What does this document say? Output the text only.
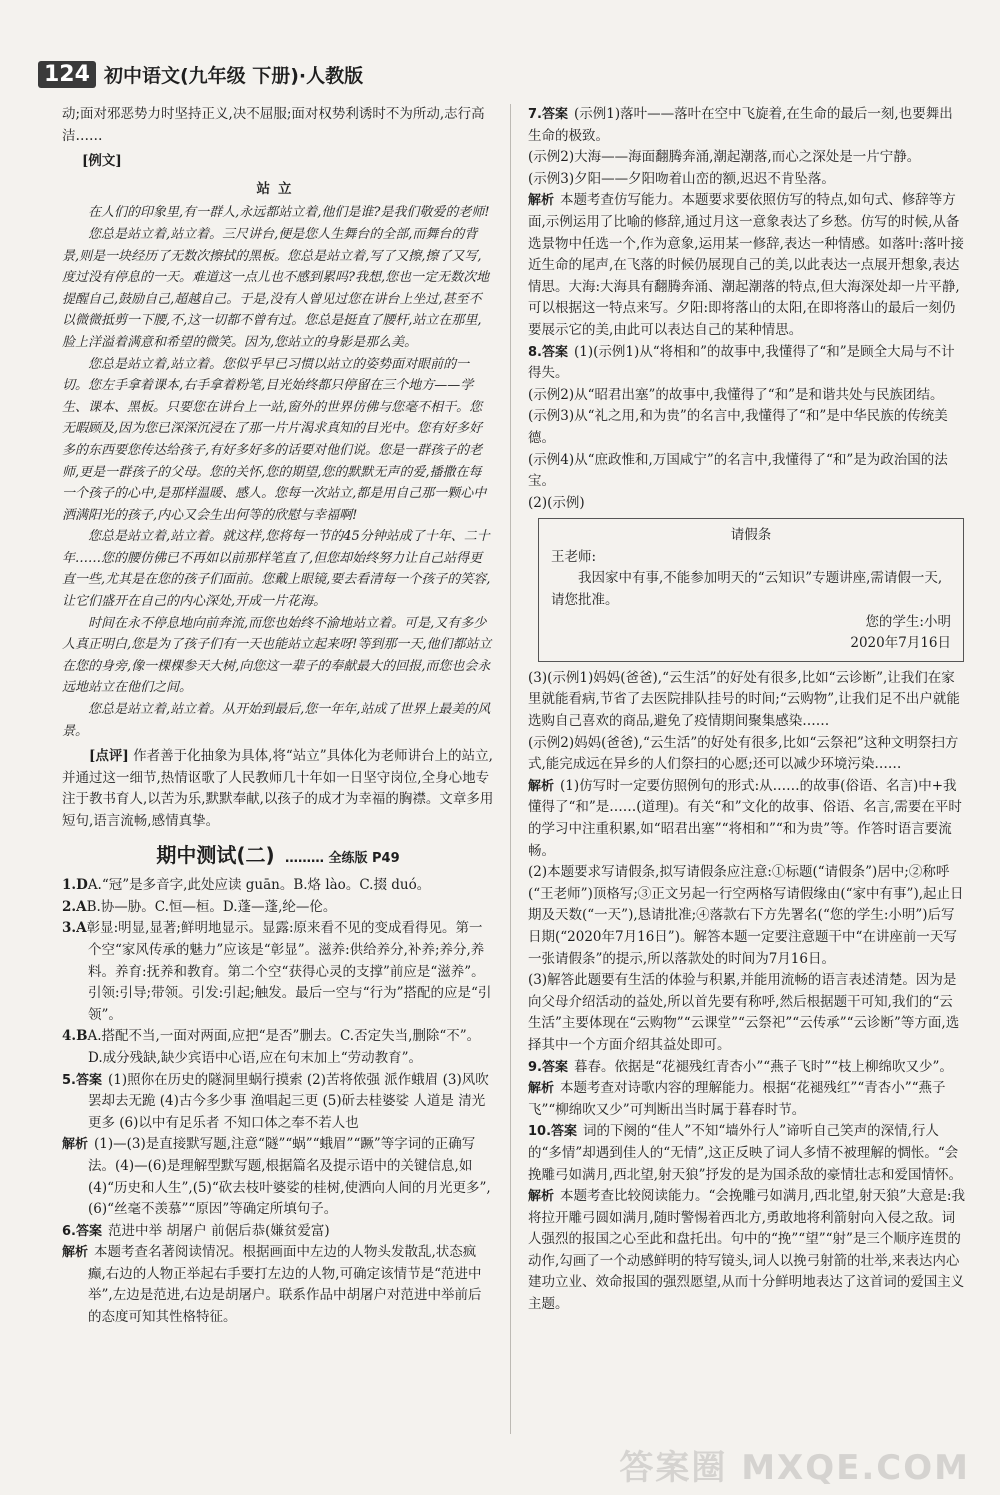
124 初中语文(九年级 下册)·人教版

动;面对邪恶势力时坚持正义,决不屈服;面对权势利诱时不为所动,志行高洁……

[例文]

站立

在人们的印象里,有一群人,永远都站立着,他们是谁?是我们敬爱的老师!

您总是站立着,站立着。三尺讲台,便是您人生舞台的全部,而舞台的背景,则是一块经历了无数次擦拭的黑板。您总是站立着,写了又擦,擦了又写,度过没有停息的一天。难道这一点儿也不感到累吗?我想,您也一定无数次地提醒自己,鼓励自己,超越自己。于是,没有人曾见过您在讲台上坐过,甚至不以微微抵剪一下腰,不,这一切都不曾有过。您总是挺直了腰杆,站立在那里,脸上洋溢着满意和希望的微笑。因为,您站立的身影是那么美。

您总是站立着,站立着。您似乎早已习惯以站立的姿势面对眼前的一切。您左手拿着课本,右手拿着粉笔,目光始终都只停留在三个地方——学生、课本、黑板。只要您在讲台上一站,窗外的世界仿佛与您毫不相干。您无暇顾及,因为您已深深沉浸在了那一片片渴求真知的目光中。您有好多好多的东西要您传达给孩子,有好多好多的话要对他们说。您是一群孩子的老师,更是一群孩子的父母。您的关怀,您的期望,您的默默无声的爱,播撒在每一个孩子的心中,是那样温暖、感人。您每一次站立,都是用自己那一颗心中洒满阳光的孩子,内心又会生出何等的欣慰与幸福啊!

您总是站立着,站立着。就这样,您将每一节的45分钟站成了十年、二十年……您的腰仿佛已不再如以前那样笔直了,但您却始终努力让自己站得更直一些,尤其是在您的孩子们面前。您戴上眼镜,要去看清每一个孩子的笑容,让它们盛开在自己的内心深处,开成一片花海。

时间在永不停息地向前奔流,而您也始终不渝地站立着。可是,又有多少人真正明白,您是为了孩子们有一天也能站立起来呀!等到那一天,他们都站立在您的身旁,像一棵棵参天大树,向您这一辈子的奉献最大的回报,而您也会永远地站立在他们之间。

您总是站立着,站立着。从开始到最后,您一年年,站成了世界上最美的风景。

[点评] 作者善于化抽象为具体,将“站立”具体化为老师讲台上的站立,并通过这一细节,热情讴歌了人民教师几十年如一日坚守岗位,全身心地专注于教书育人,以苦为乐,默默奉献,以孩子的成才为幸福的胸襟。文章多用短句,语言流畅,感情真挚。

期中测试(二) ……… 全练版 P49

1.DA.“冠”是多音字,此处应读 guān。B.烙 lào。C.掇 duó。

2.AB.协—胁。C.恒—桓。D.蓬—蓬,纶—伦。

3.A彰显:明显,显著;鲜明地显示。显露:原来看不见的变成看得见。第一个空“家风传承的魅力”应该是“彰显”。滋养:供给养分,补养;养分,养料。养育:抚养和教育。第二个空“获得心灵的支撑”前应是“滋养”。引领:引导;带领。引发:引起;触发。最后一空与“行为”搭配的应是“引领”。

4.BA.搭配不当,一面对两面,应把“是否”删去。C.否定失当,删除“不”。D.成分残缺,缺少宾语中心语,应在句末加上“劳动教育”。

5.答案 (1)照你在历史的隧洞里蜗行摸索 (2)苦将侬强 派作蛾眉 (3)风吹罢却去无跪 (4)古今多少事 渔唱起三更 (5)斫去桂婆娑 人道是 清光更多 (6)以中有足乐者 不知口体之奉不若人也

解析 (1)—(3)是直接默写题,注意“隧”“蜗”“蛾眉”“蹶”等字词的正确写法。(4)—(6)是理解型默写题,根据篇名及提示语中的关键信息,如(4)“历史和人生”,(5)“砍去枝叶婆娑的桂树,使洒向人间的月光更多”,(6)“丝毫不羡慕”“原因”等确定所填句子。

6.答案 范进中举 胡屠户 前倨后恭(嫌贫爱富)

解析 本题考查名著阅读情况。根据画面中左边的人物头发散乱,状态疯癫,右边的人物正举起右手要打左边的人物,可确定该情节是“范进中举”,左边是范进,右边是胡屠户。联系作品中胡屠户对范进中举前后的态度可知其性格特征。

7.答案 (示例1)落叶——落叶在空中飞旋着,在生命的最后一刻,也要舞出生命的极致。

(示例2)大海——海面翻腾奔涌,潮起潮落,而心之深处是一片宁静。

(示例3)夕阳——夕阳吻着山峦的额,迟迟不肯坠落。

解析 本题考查仿写能力。本题要求要依照仿写的特点,如句式、修辞等方面,示例运用了比喻的修辞,通过月这一意象表达了乡愁。仿写的时候,从备选景物中任选一个,作为意象,运用某一修辞,表达一种情感。如落叶:落叶接近生命的尾声,在飞落的时候仍展现自己的美,以此表达一点展开想象,表达情思。大海:大海具有翻腾奔涌、潮起潮落的特点,但大海深处却一片平静,可以根据这一特点来写。夕阳:即将落山的太阳,在即将落山的最后一刻仍要展示它的美,由此可以表达自己的某种情思。

8.答案 (1)(示例1)从“将相和”的故事中,我懂得了“和”是顾全大局与不计得失。

(示例2)从“昭君出塞”的故事中,我懂得了“和”是和谐共处与民族团结。

(示例3)从“礼之用,和为贵”的名言中,我懂得了“和”是中华民族的传统美德。

(示例4)从“庶政惟和,万国咸宁”的名言中,我懂得了“和”是为政治国的法宝。

(2)(示例)

请假条

王老师:

我因家中有事,不能参加明天的“云知识”专题讲座,需请假一天,请您批准。

您的学生:小明

2020年7月16日

(3)(示例1)妈妈(爸爸),“云生活”的好处有很多,比如“云诊断”,让我们在家里就能看病,节省了去医院排队挂号的时间;“云购物”,让我们足不出户就能选购自己喜欢的商品,避免了疫情期间聚集感染……

(示例2)妈妈(爸爸),“云生活”的好处有很多,比如“云祭祀”这种文明祭扫方式,能完成远在异乡的人们祭扫的心愿;还可以减少环境污染……

解析 (1)仿写时一定要仿照例句的形式:从……的故事(俗语、名言)中+我懂得了“和”是……(道理)。有关“和”文化的故事、俗语、名言,需要在平时的学习中注重积累,如“昭君出塞”“将相和”“和为贵”等。作答时语言要流畅。

(2)本题要求写请假条,拟写请假条应注意:①标题(“请假条”)居中;②称呼(“王老师”)顶格写;③正文另起一行空两格写请假缘由(“家中有事”),起止日期及天数(“一天”),恳请批准;④落款右下方先署名(“您的学生:小明”)后写日期(“2020年7月16日”)。解答本题一定要注意题干中“在讲座前一天写一张请假条”的提示,所以落款处的时间为7月16日。

(3)解答此题要有生活的体验与积累,并能用流畅的语言表述清楚。因为是向父母介绍活动的益处,所以首先要有称呼,然后根据题干可知,我们的“云生活”主要体现在“云购物”“云课堂”“云祭祀”“云传承”“云诊断”等方面,选择其中一个方面介绍其益处即可。

9.答案 暮春。依据是“花褪残红青杏小”“燕子飞时”“枝上柳绵吹又少”。

解析 本题考查对诗歌内容的理解能力。根据“花褪残红”“青杏小”“燕子飞”“柳绵吹又少”可判断出当时属于暮春时节。

10.答案 词的下阕的“佳人”不知“墙外行人”谛听自己笑声的深情,行人的“多情”却遇到佳人的“无情”,这正反映了词人多情不被理解的惆怅。“会挽雕弓如满月,西北望,射天狼”抒发的是为国杀敌的豪情壮志和爱国情怀。

解析 本题考查比较阅读能力。“会挽雕弓如满月,西北望,射天狼”大意是:我将拉开雕弓圆如满月,随时警惕着西北方,勇敢地将利箭射向入侵之敌。词人强烈的报国之心至此和盘托出。句中的“挽”“望”“射”是三个顺序连贯的动作,勾画了一个动感鲜明的特写镜头,词人以挽弓射箭的壮举,来表达内心建功立业、效命报国的强烈愿望,从而十分鲜明地表达了这首词的爱国主义主题。

答案圈 MXQE.COM
